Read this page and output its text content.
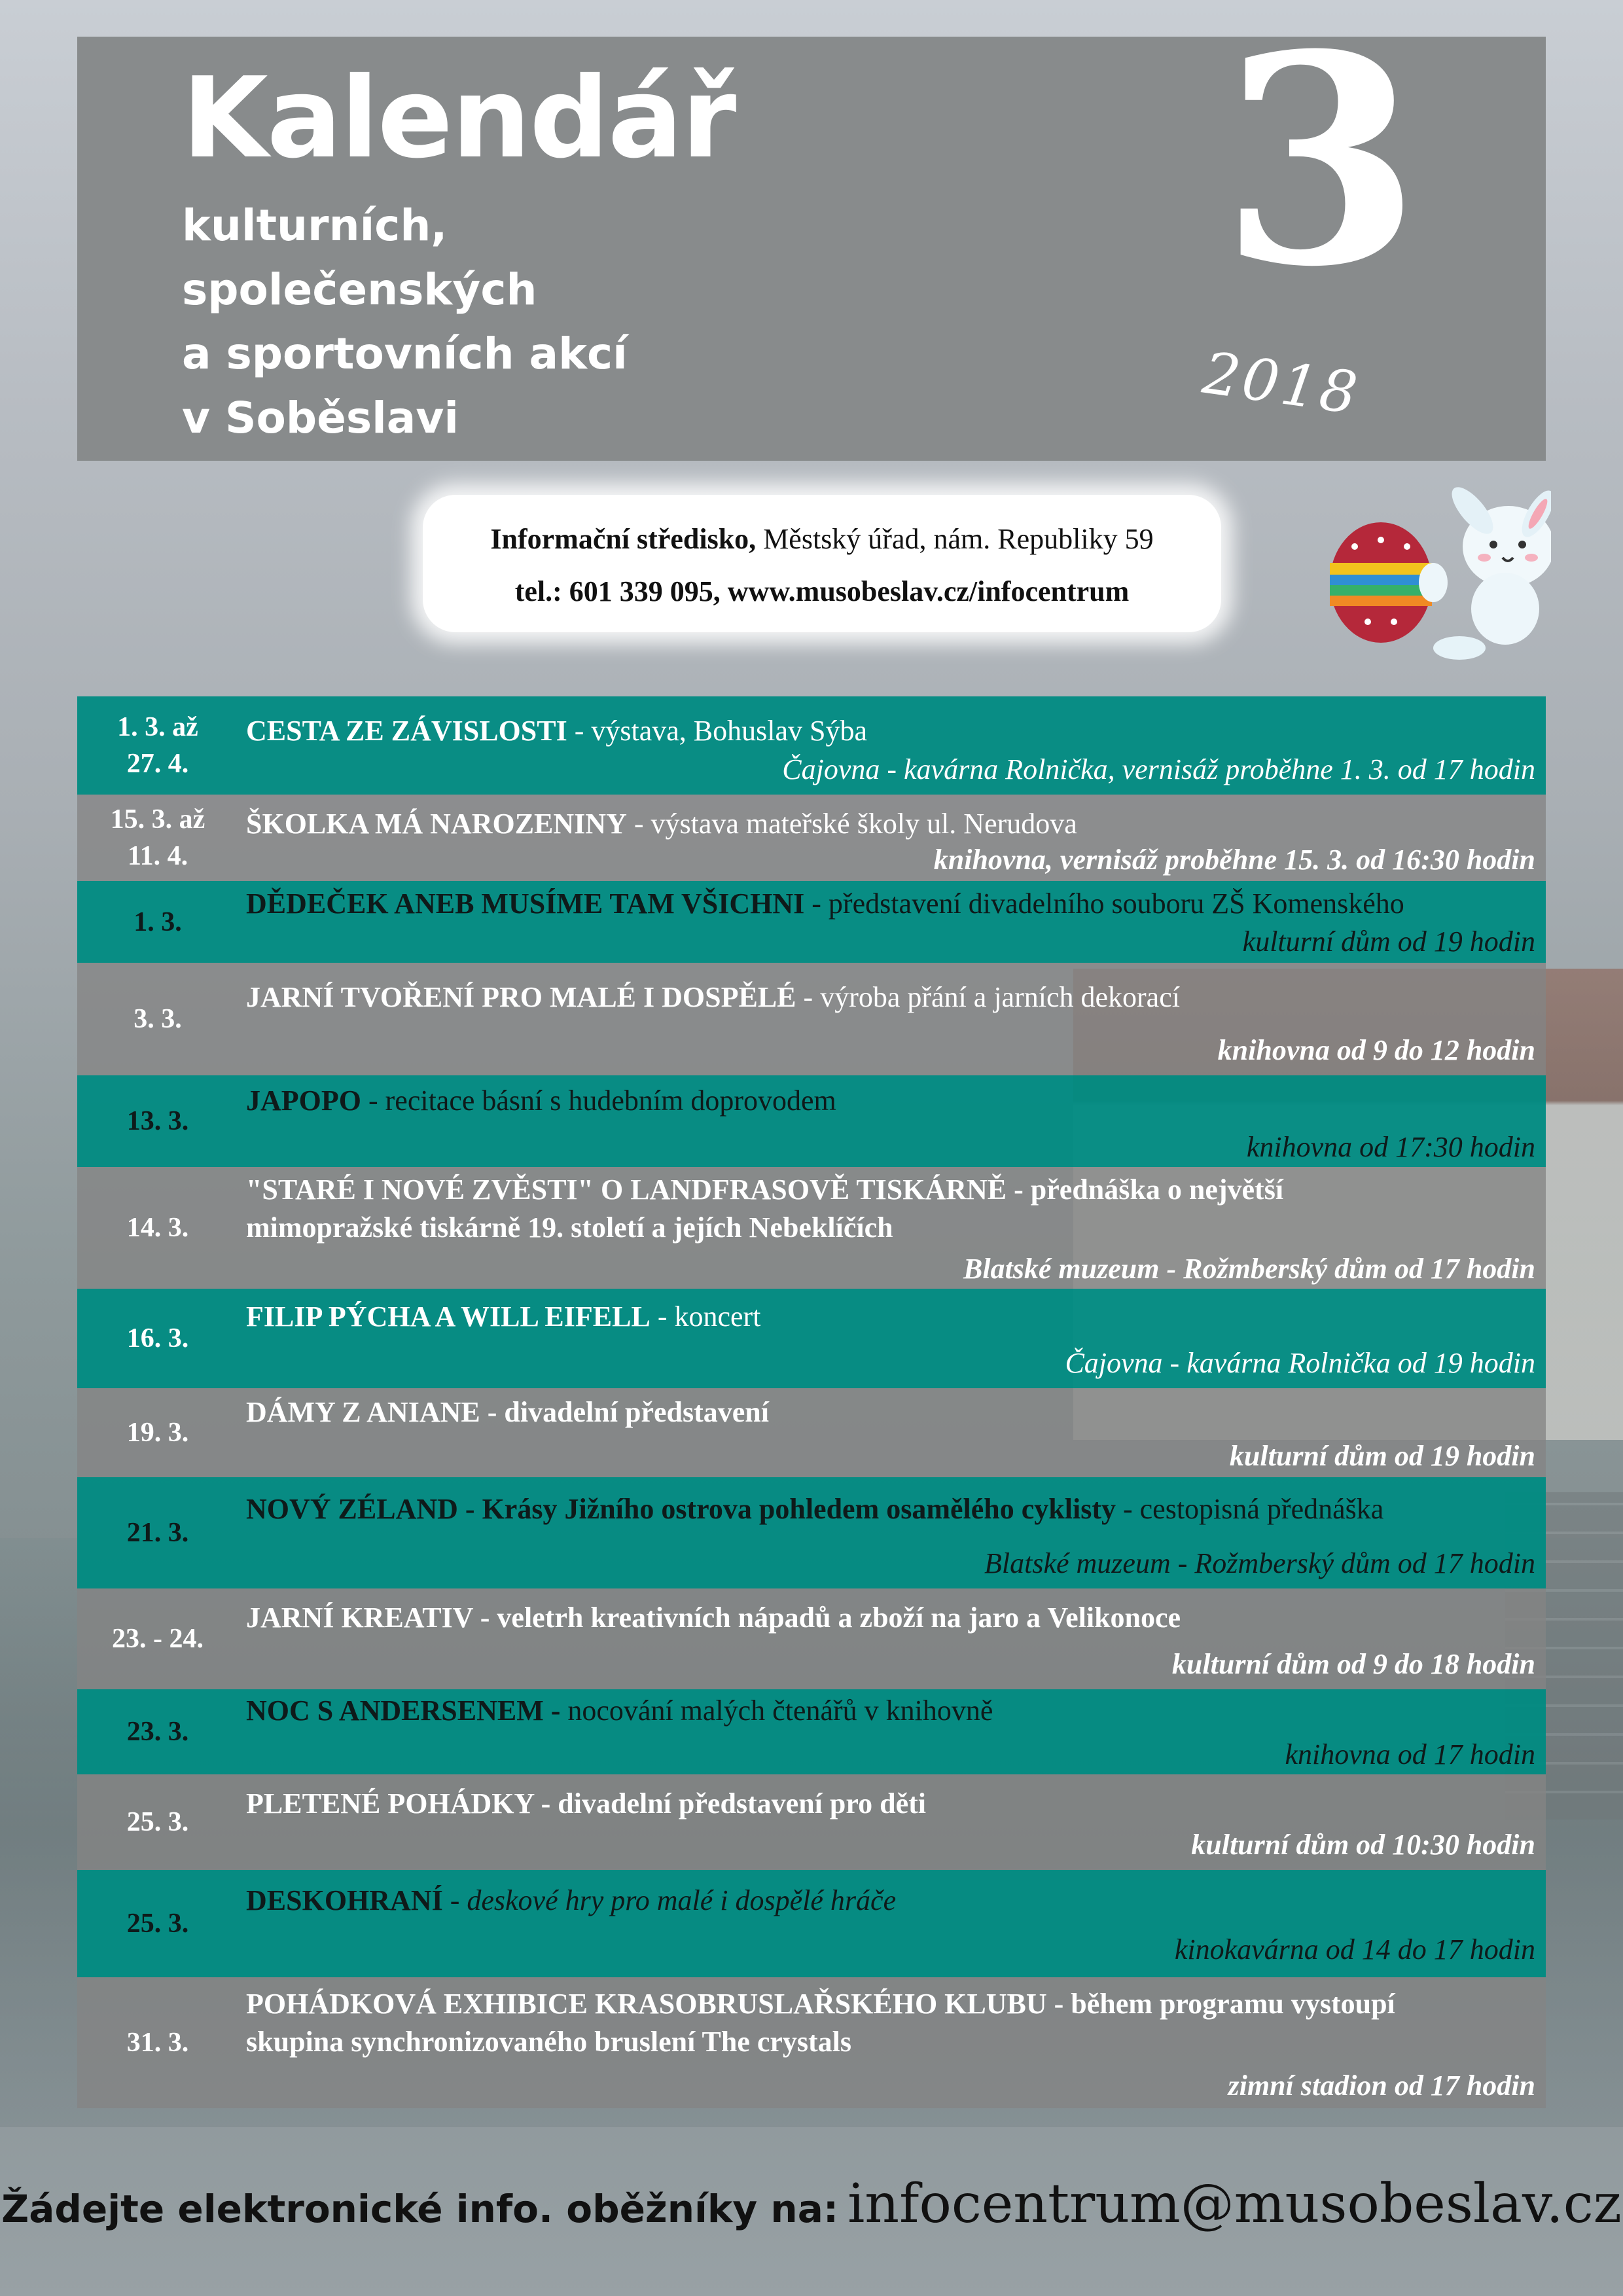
Kalendář
kulturních,
společenských
a sportovních akcí
v Soběslavi
3
2018
Informační středisko, Městský úřad, nám. Republiky 59
tel.: 601 339 095, www.musobeslav.cz/infocentrum
1. 3. až
27. 4.
CESTA ZE ZÁVISLOSTI - výstava, Bohuslav Sýba
Čajovna - kavárna Rolnička, vernisáž proběhne 1. 3. od 17 hodin
15. 3. až
11. 4.
ŠKOLKA MÁ NAROZENINY - výstava mateřské školy ul. Nerudova
knihovna, vernisáž proběhne 15. 3. od 16:30 hodin
1. 3.
DĚDEČEK ANEB MUSÍME TAM VŠICHNI - představení divadelního souboru ZŠ Komenského
kulturní dům od 19 hodin
3. 3.
JARNÍ TVOŘENÍ PRO MALÉ I DOSPĚLÉ - výroba přání a jarních dekorací
knihovna od 9 do 12 hodin
13. 3.
JAPOPO - recitace básní s hudebním doprovodem
knihovna od 17:30 hodin
14. 3.
"STARÉ I NOVÉ ZVĚSTI" O LANDFRASOVĚ TISKÁRNĚ - přednáška o největší mimopražské tiskárně 19. století a jejích Nebeklíčích
Blatské muzeum - Rožmberský dům od 17 hodin
16. 3.
FILIP PÝCHA A WILL EIFELL - koncert
Čajovna - kavárna Rolnička od 19 hodin
19. 3.
DÁMY Z ANIANE - divadelní představení
kulturní dům od 19 hodin
21. 3.
NOVÝ ZÉLAND - Krásy Jižního ostrova pohledem osamělého cyklisty - cestopisná přednáška
Blatské muzeum - Rožmberský dům od 17 hodin
23. - 24.
JARNÍ KREATIV - veletrh kreativních nápadů a zboží na jaro a Velikonoce
kulturní dům od 9 do 18 hodin
23. 3.
NOC S ANDERSENEM - nocování malých čtenářů v knihovně
knihovna od 17 hodin
25. 3.
PLETENÉ POHÁDKY - divadelní představení pro děti
kulturní dům od 10:30 hodin
25. 3.
DESKOHRANÍ - deskové hry pro malé i dospělé hráče
kinokavárna od 14 do 17 hodin
31. 3.
POHÁDKOVÁ EXHIBICE KRASOBRUSLAŘSKÉHO KLUBU - během programu vystoupí skupina synchronizovaného bruslení The crystals
zimní stadion od 17 hodin
Žádejte elektronické info. oběžníky na: infocentrum@musobeslav.cz
